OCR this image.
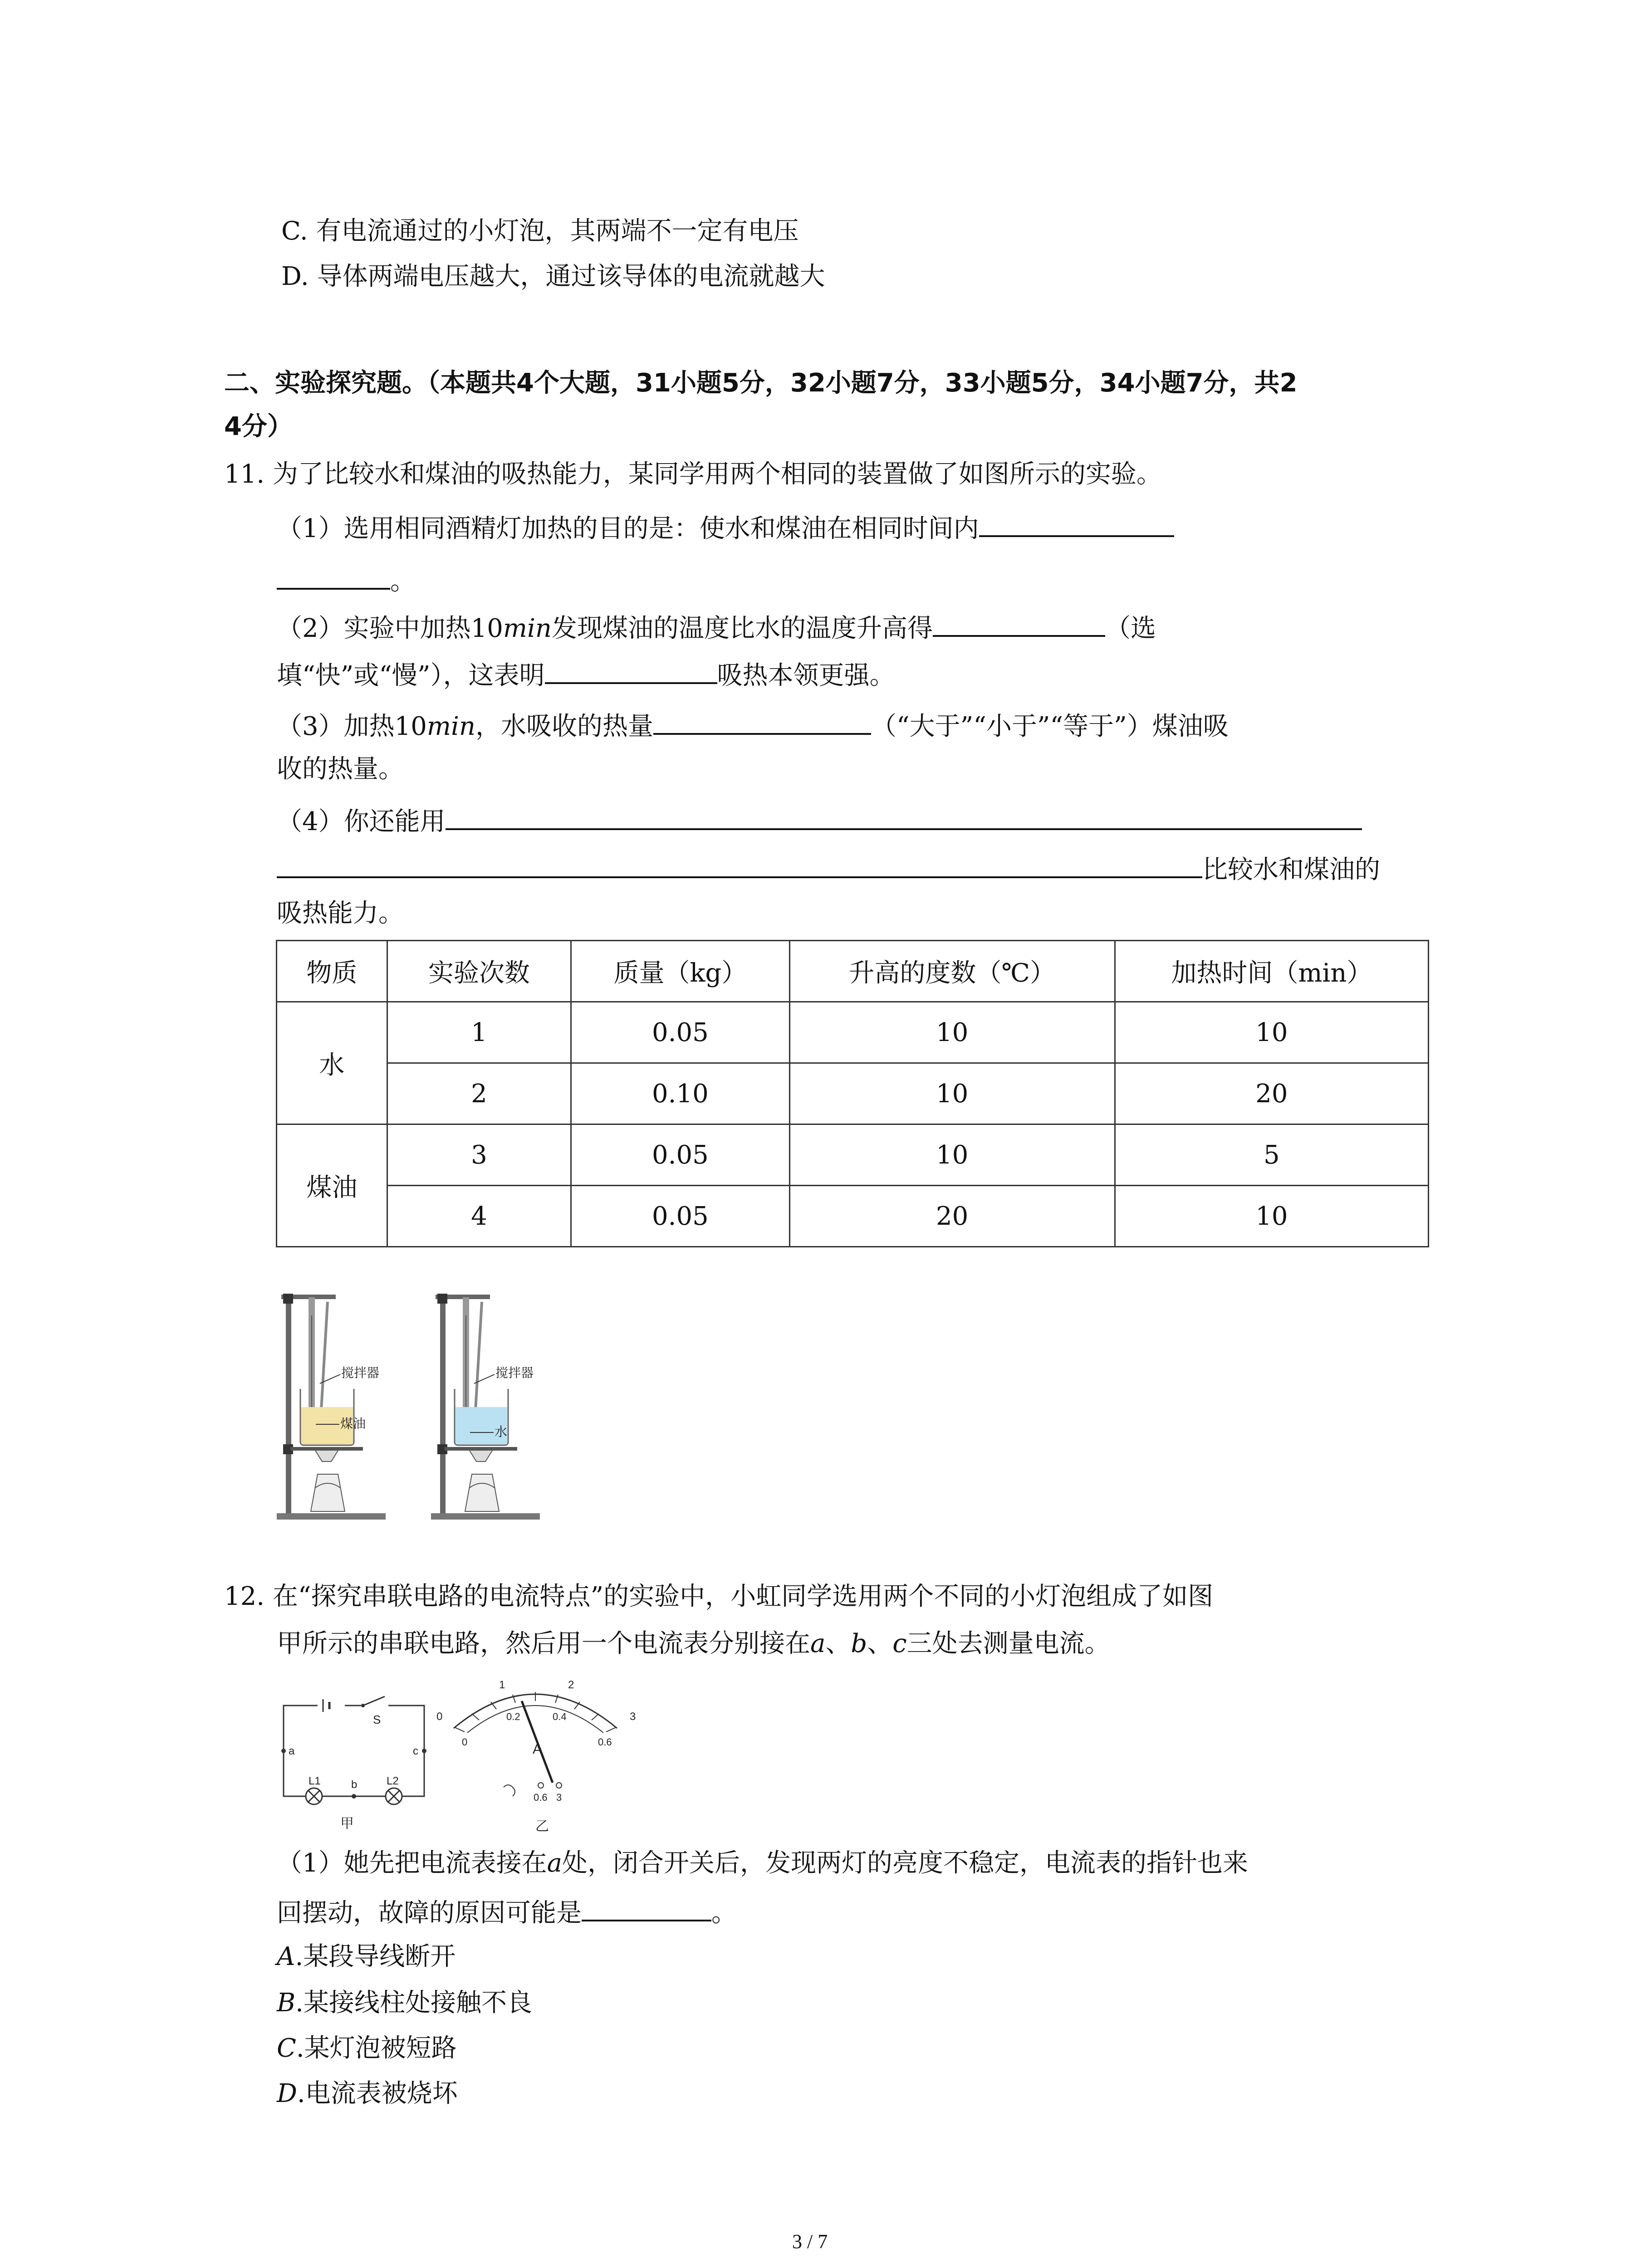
C. 有电流通过的小灯泡，其两端不一定有电压
D. 导体两端电压越大，通过该导体的电流就越大
二、实验探究题。（本题共4个大题，31小题5分，32小题7分，33小题5分，34小题7分，共2
4分）
11. 为了比较水和煤油的吸热能力，某同学用两个相同的装置做了如图所示的实验。
（1）选用相同酒精灯加热的目的是：使水和煤油在相同时间内
。
（2）实验中加热10min发现煤油的温度比水的温度升高得	（选
填“快”或“慢”），这表明	吸热本领更强。
（3）加热10min，水吸收的热量	（“大于”“小于”“等于”）煤油吸
收的热量。
（4）你还能用
比较水和煤油的
吸热能力。
物质	实验次数	质量（kg）	升高的度数（℃）	加热时间（min）
水	1	0.05	10	10
	2	0.10	10	20
煤油	3	0.05	10	5
	4	0.05	20	10
搅拌器
煤油
搅拌器
水
12. 在“探究串联电路的电流特点”的实验中，小虹同学选用两个不同的小灯泡组成了如图
甲所示的串联电路，然后用一个电流表分别接在a、b、c三处去测量电流。
S
a	c
b
L1	L2
甲
0
1	2
3
0
0.2	0.4
0.6
A
0.6 3
乙
（1）她先把电流表接在a处，闭合开关后，发现两灯的亮度不稳定，电流表的指针也来
回摆动，故障的原因可能是	。
A.某段导线断开
B.某接线柱处接触不良
C.某灯泡被短路
D.电流表被烧坏
3 / 7
